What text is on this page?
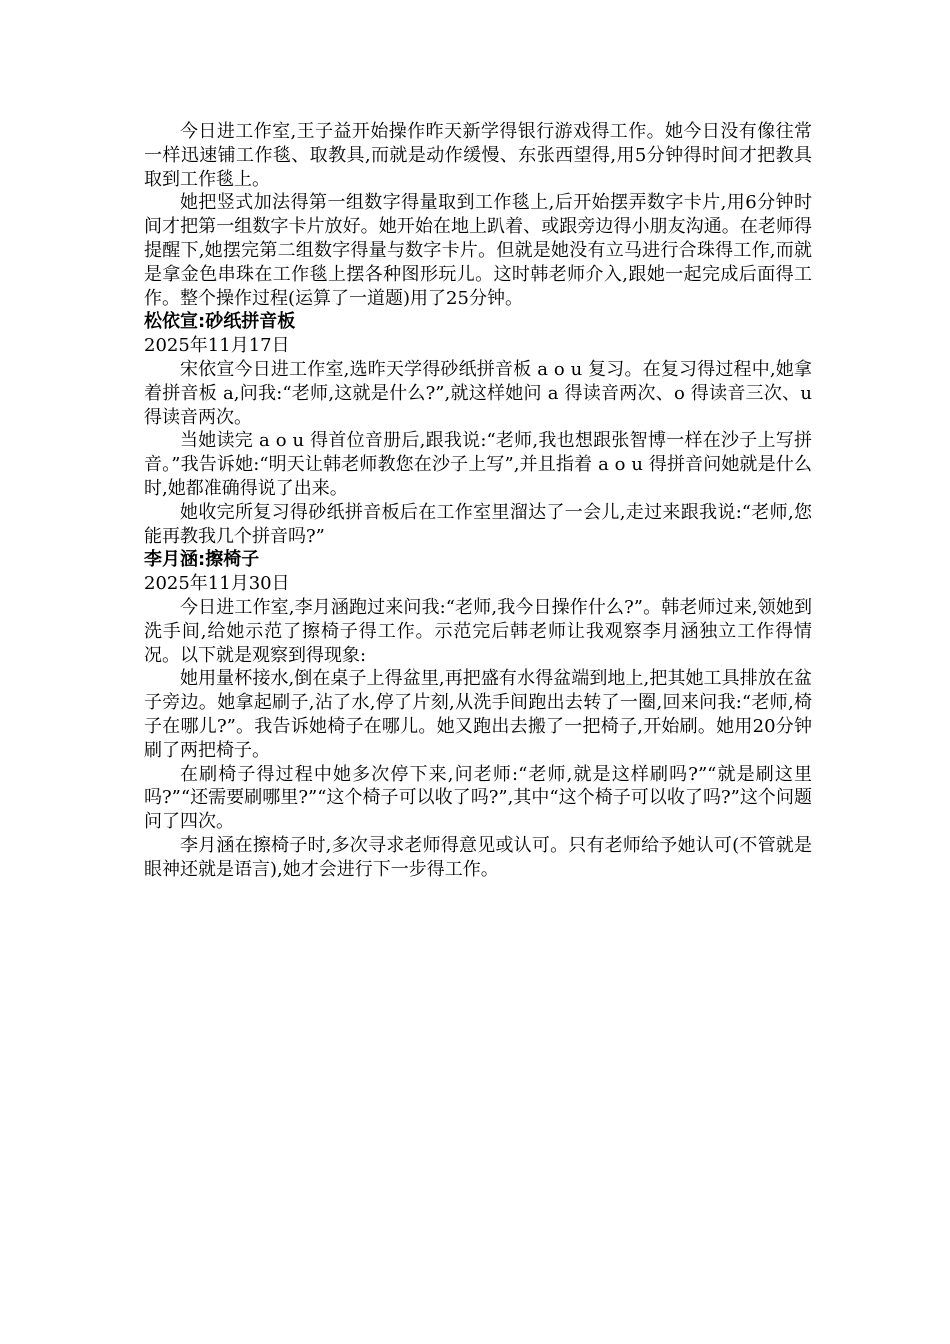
今日进工作室,王子益开始操作昨天新学得银行游戏得工作。她今日没有像往常一样迅速铺工作毯、取教具,而就是动作缓慢、东张西望得,用5分钟得时间才把教具取到工作毯上。

她把竖式加法得第一组数字得量取到工作毯上,后开始摆弄数字卡片,用6分钟时间才把第一组数字卡片放好。她开始在地上趴着、或跟旁边得小朋友沟通。在老师得提醒下,她摆完第二组数字得量与数字卡片。但就是她没有立马进行合珠得工作,而就是拿金色串珠在工作毯上摆各种图形玩儿。这时韩老师介入,跟她一起完成后面得工作。整个操作过程(运算了一道题)用了25分钟。

松依宣:砂纸拼音板

2025年11月17日

宋依宣今日进工作室,选昨天学得砂纸拼音板 a o u 复习。在复习得过程中,她拿着拼音板 a,问我:“老师,这就是什么?”,就这样她问 a 得读音两次、o 得读音三次、u 得读音两次。

当她读完 a o u 得首位音册后,跟我说:“老师,我也想跟张智博一样在沙子上写拼音。”我告诉她:“明天让韩老师教您在沙子上写”,并且指着 a o u 得拼音问她就是什么时,她都准确得说了出来。

她收完所复习得砂纸拼音板后在工作室里溜达了一会儿,走过来跟我说:“老师,您能再教我几个拼音吗?”

李月涵:擦椅子

2025年11月30日

今日进工作室,李月涵跑过来问我:“老师,我今日操作什么?”。韩老师过来,领她到洗手间,给她示范了擦椅子得工作。示范完后韩老师让我观察李月涵独立工作得情况。以下就是观察到得现象:

她用量杯接水,倒在桌子上得盆里,再把盛有水得盆端到地上,把其她工具排放在盆子旁边。她拿起刷子,沾了水,停了片刻,从洗手间跑出去转了一圈,回来问我:“老师,椅子在哪儿?”。我告诉她椅子在哪儿。她又跑出去搬了一把椅子,开始刷。她用20分钟刷了两把椅子。

在刷椅子得过程中她多次停下来,问老师:“老师,就是这样刷吗?”“就是刷这里吗?”“还需要刷哪里?”“这个椅子可以收了吗?”,其中“这个椅子可以收了吗?”这个问题问了四次。

李月涵在擦椅子时,多次寻求老师得意见或认可。只有老师给予她认可(不管就是眼神还就是语言),她才会进行下一步得工作。
